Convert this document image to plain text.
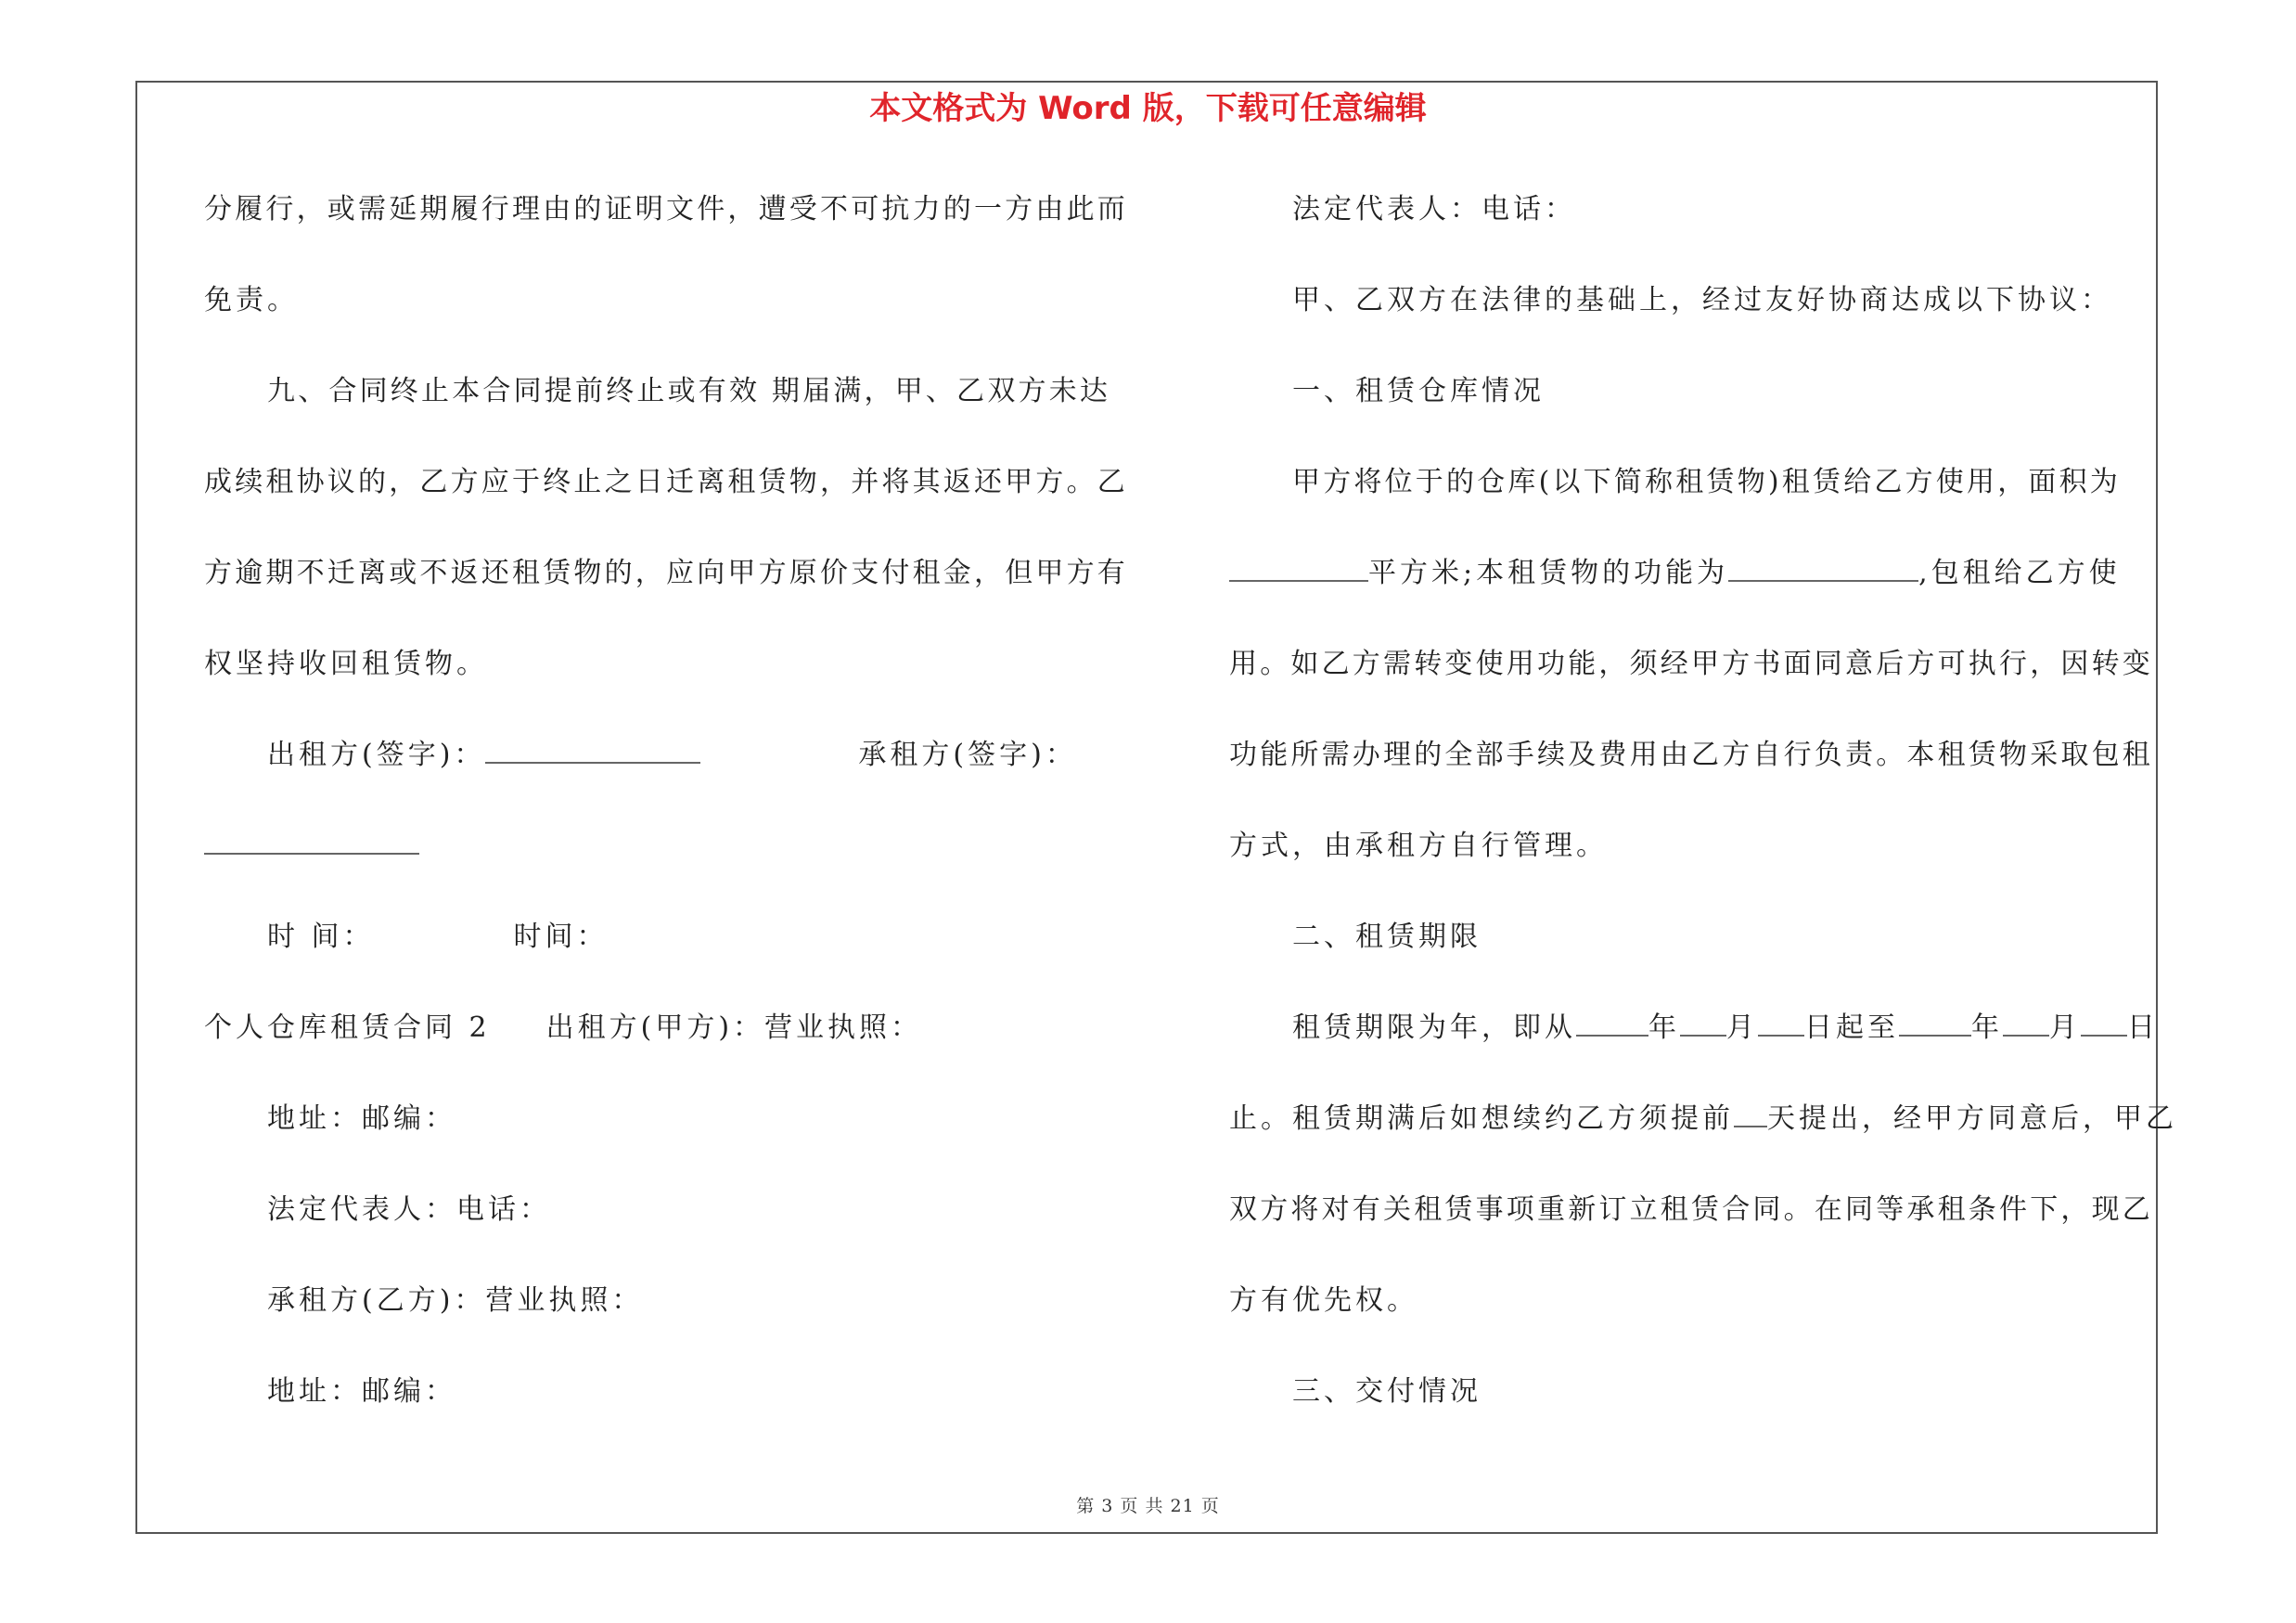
本文格式为 Word 版，下载可任意编辑
分履行，或需延期履行理由的证明文件，遭受不可抗力的一方由此而
免责。
九、合同终止本合同提前终止或有效 期届满，甲、乙双方未达
成续租协议的，乙方应于终止之日迁离租赁物，并将其返还甲方。乙
方逾期不迁离或不返还租赁物的，应向甲方原价支付租金，但甲方有
权坚持收回租赁物。
出租方(签字)：	承租方(签字)：
时 间：	时间：
个人仓库租赁合同 2 出租方(甲方)：营业执照：
地址：邮编：
法定代表人：电话：
承租方(乙方)：营业执照：
地址：邮编：
法定代表人：电话：
甲、乙双方在法律的基础上，经过友好协商达成以下协议：
一、租赁仓库情况
甲方将位于的仓库(以下简称租赁物)租赁给乙方使用，面积为
平方米;本租赁物的功能为	,包租给乙方使
用。如乙方需转变使用功能，须经甲方书面同意后方可执行，因转变
功能所需办理的全部手续及费用由乙方自行负责。本租赁物采取包租
方式，由承租方自行管理。
二、租赁期限
租赁期限为年，即从	年 月 日起至	年 月 日
止。租赁期满后如想续约乙方须提前 天提出，经甲方同意后，甲乙
双方将对有关租赁事项重新订立租赁合同。在同等承租条件下，现乙
方有优先权。
三、交付情况
第 3 页 共 21 页
